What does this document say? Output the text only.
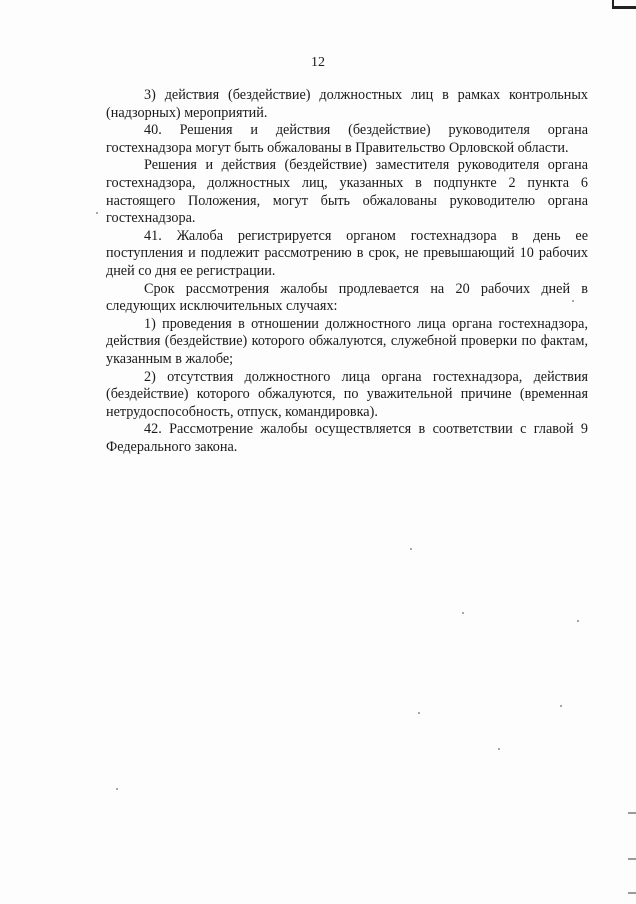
12

3) действия (бездействие) должностных лиц в рамках контрольных (надзорных) мероприятий.

40. Решения и действия (бездействие) руководителя органа гостехнадзора могут быть обжалованы в Правительство Орловской области.

Решения и действия (бездействие) заместителя руководителя органа гостехнадзора, должностных лиц, указанных в подпункте 2 пункта 6 настоящего Положения, могут быть обжалованы руководителю органа гостехнадзора.

41. Жалоба регистрируется органом гостехнадзора в день ее поступления и подлежит рассмотрению в срок, не превышающий 10 рабочих дней со дня ее регистрации.

Срок рассмотрения жалобы продлевается на 20 рабочих дней в следующих исключительных случаях:

1) проведения в отношении должностного лица органа гостехнадзора, действия (бездействие) которого обжалуются, служебной проверки по фактам, указанным в жалобе;

2) отсутствия должностного лица органа гостехнадзора, действия (бездействие) которого обжалуются, по уважительной причине (временная нетрудоспособность, отпуск, командировка).

42. Рассмотрение жалобы осуществляется в соответствии с главой 9 Федерального закона.
